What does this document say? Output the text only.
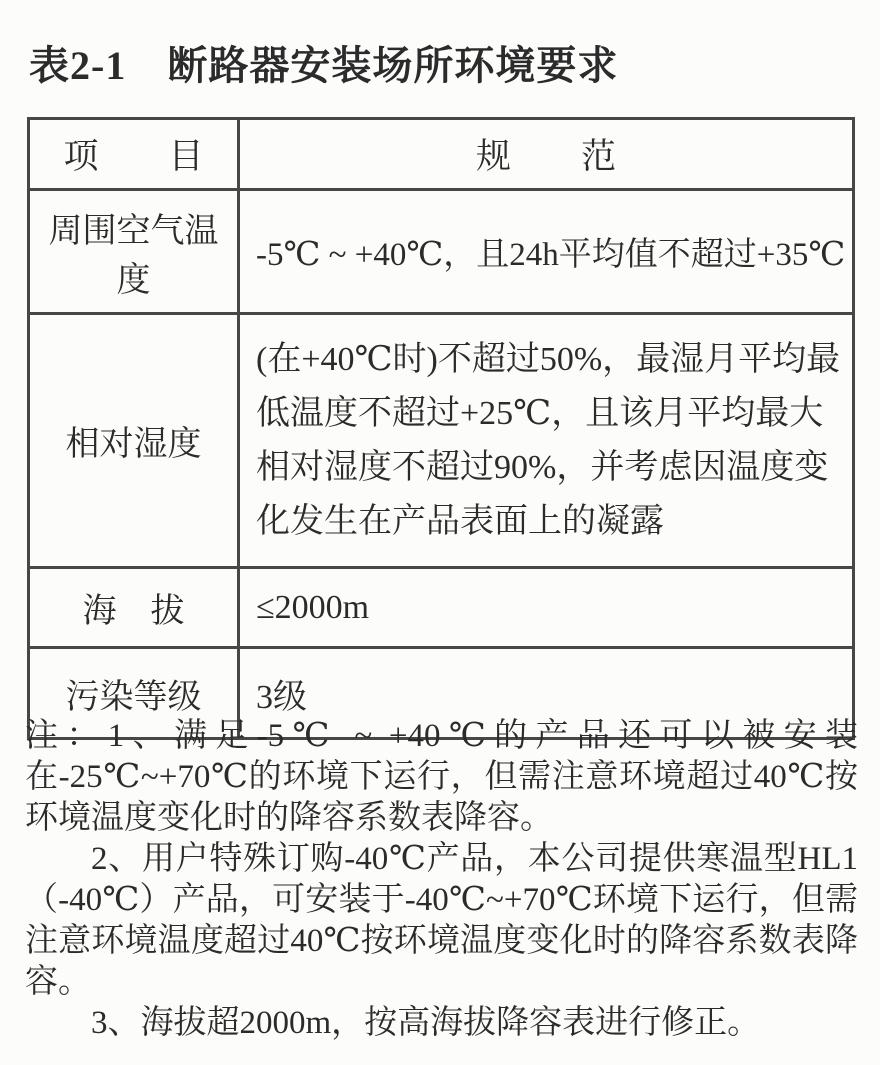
表2-1　断路器安装场所环境要求
项　　目	规　　范
周围空气温度	-5℃ ~ +40℃，且24h平均值不超过+35℃
相对湿度	(在+40℃时)不超过50%，最湿月平均最低温度不超过+25℃，且该月平均最大相对湿度不超过90%，并考虑因温度变化发生在产品表面上的凝露
海　拔	≤2000m
污染等级	3级

注：1、满足-5℃ ~ +40℃的产品还可以被安装在-25℃~+70℃的环境下运行，但需注意环境超过40℃按环境温度变化时的降容系数表降容。

2、用户特殊订购-40℃产品，本公司提供寒温型HL1（-40℃）产品，可安装于-40℃~+70℃环境下运行，但需注意环境温度超过40℃按环境温度变化时的降容系数表降容。

3、海拔超2000m，按高海拔降容表进行修正。
